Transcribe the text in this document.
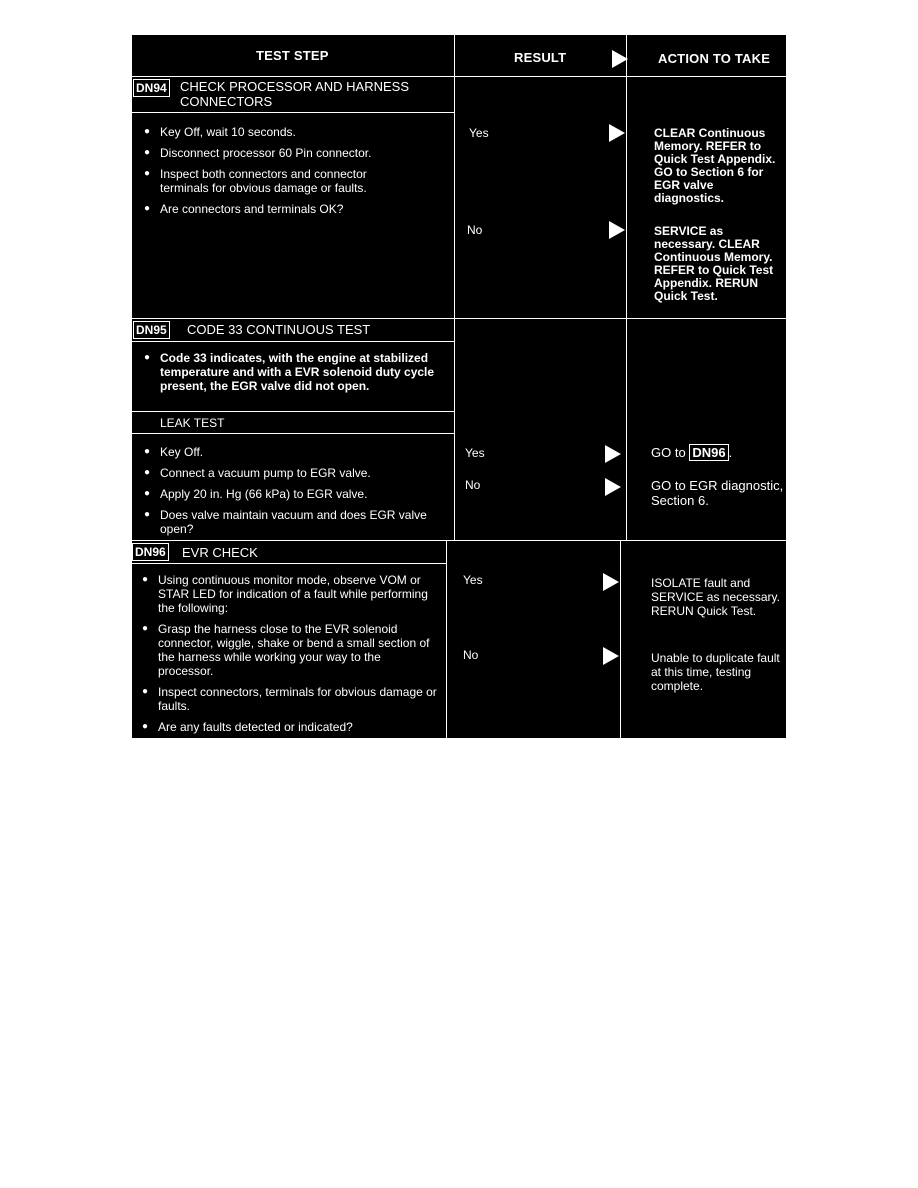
TEST STEP	RESULT	ACTION TO TAKE
DN94 CHECK PROCESSOR AND HARNESS CONNECTORS
● Key Off, wait 10 seconds.
● Disconnect processor 60 Pin connector.
● Inspect both connectors and connector terminals for obvious damage or faults.
● Are connectors and terminals OK?
Yes	CLEAR Continuous Memory. REFER to Quick Test Appendix. GO to Section 6 for EGR valve diagnostics.
No	SERVICE as necessary. CLEAR Continuous Memory. REFER to Quick Test Appendix. RERUN Quick Test.
DN95 CODE 33 CONTINUOUS TEST
● Code 33 indicates, with the engine at stabilized temperature and with a EVR solenoid duty cycle present, the EGR valve did not open.
LEAK TEST
● Key Off.
● Connect a vacuum pump to EGR valve.
● Apply 20 in. Hg (66 kPa) to EGR valve.
● Does valve maintain vacuum and does EGR valve open?
Yes	GO to DN96 .
No	GO to EGR diagnostic, Section 6.
DN96 EVR CHECK
● Using continuous monitor mode, observe VOM or STAR LED for indication of a fault while performing the following:
● Grasp the harness close to the EVR solenoid connector, wiggle, shake or bend a small section of the harness while working your way to the processor.
● Inspect connectors, terminals for obvious damage or faults.
● Are any faults detected or indicated?
Yes	ISOLATE fault and SERVICE as necessary. RERUN Quick Test.
No	Unable to duplicate fault at this time, testing complete.
